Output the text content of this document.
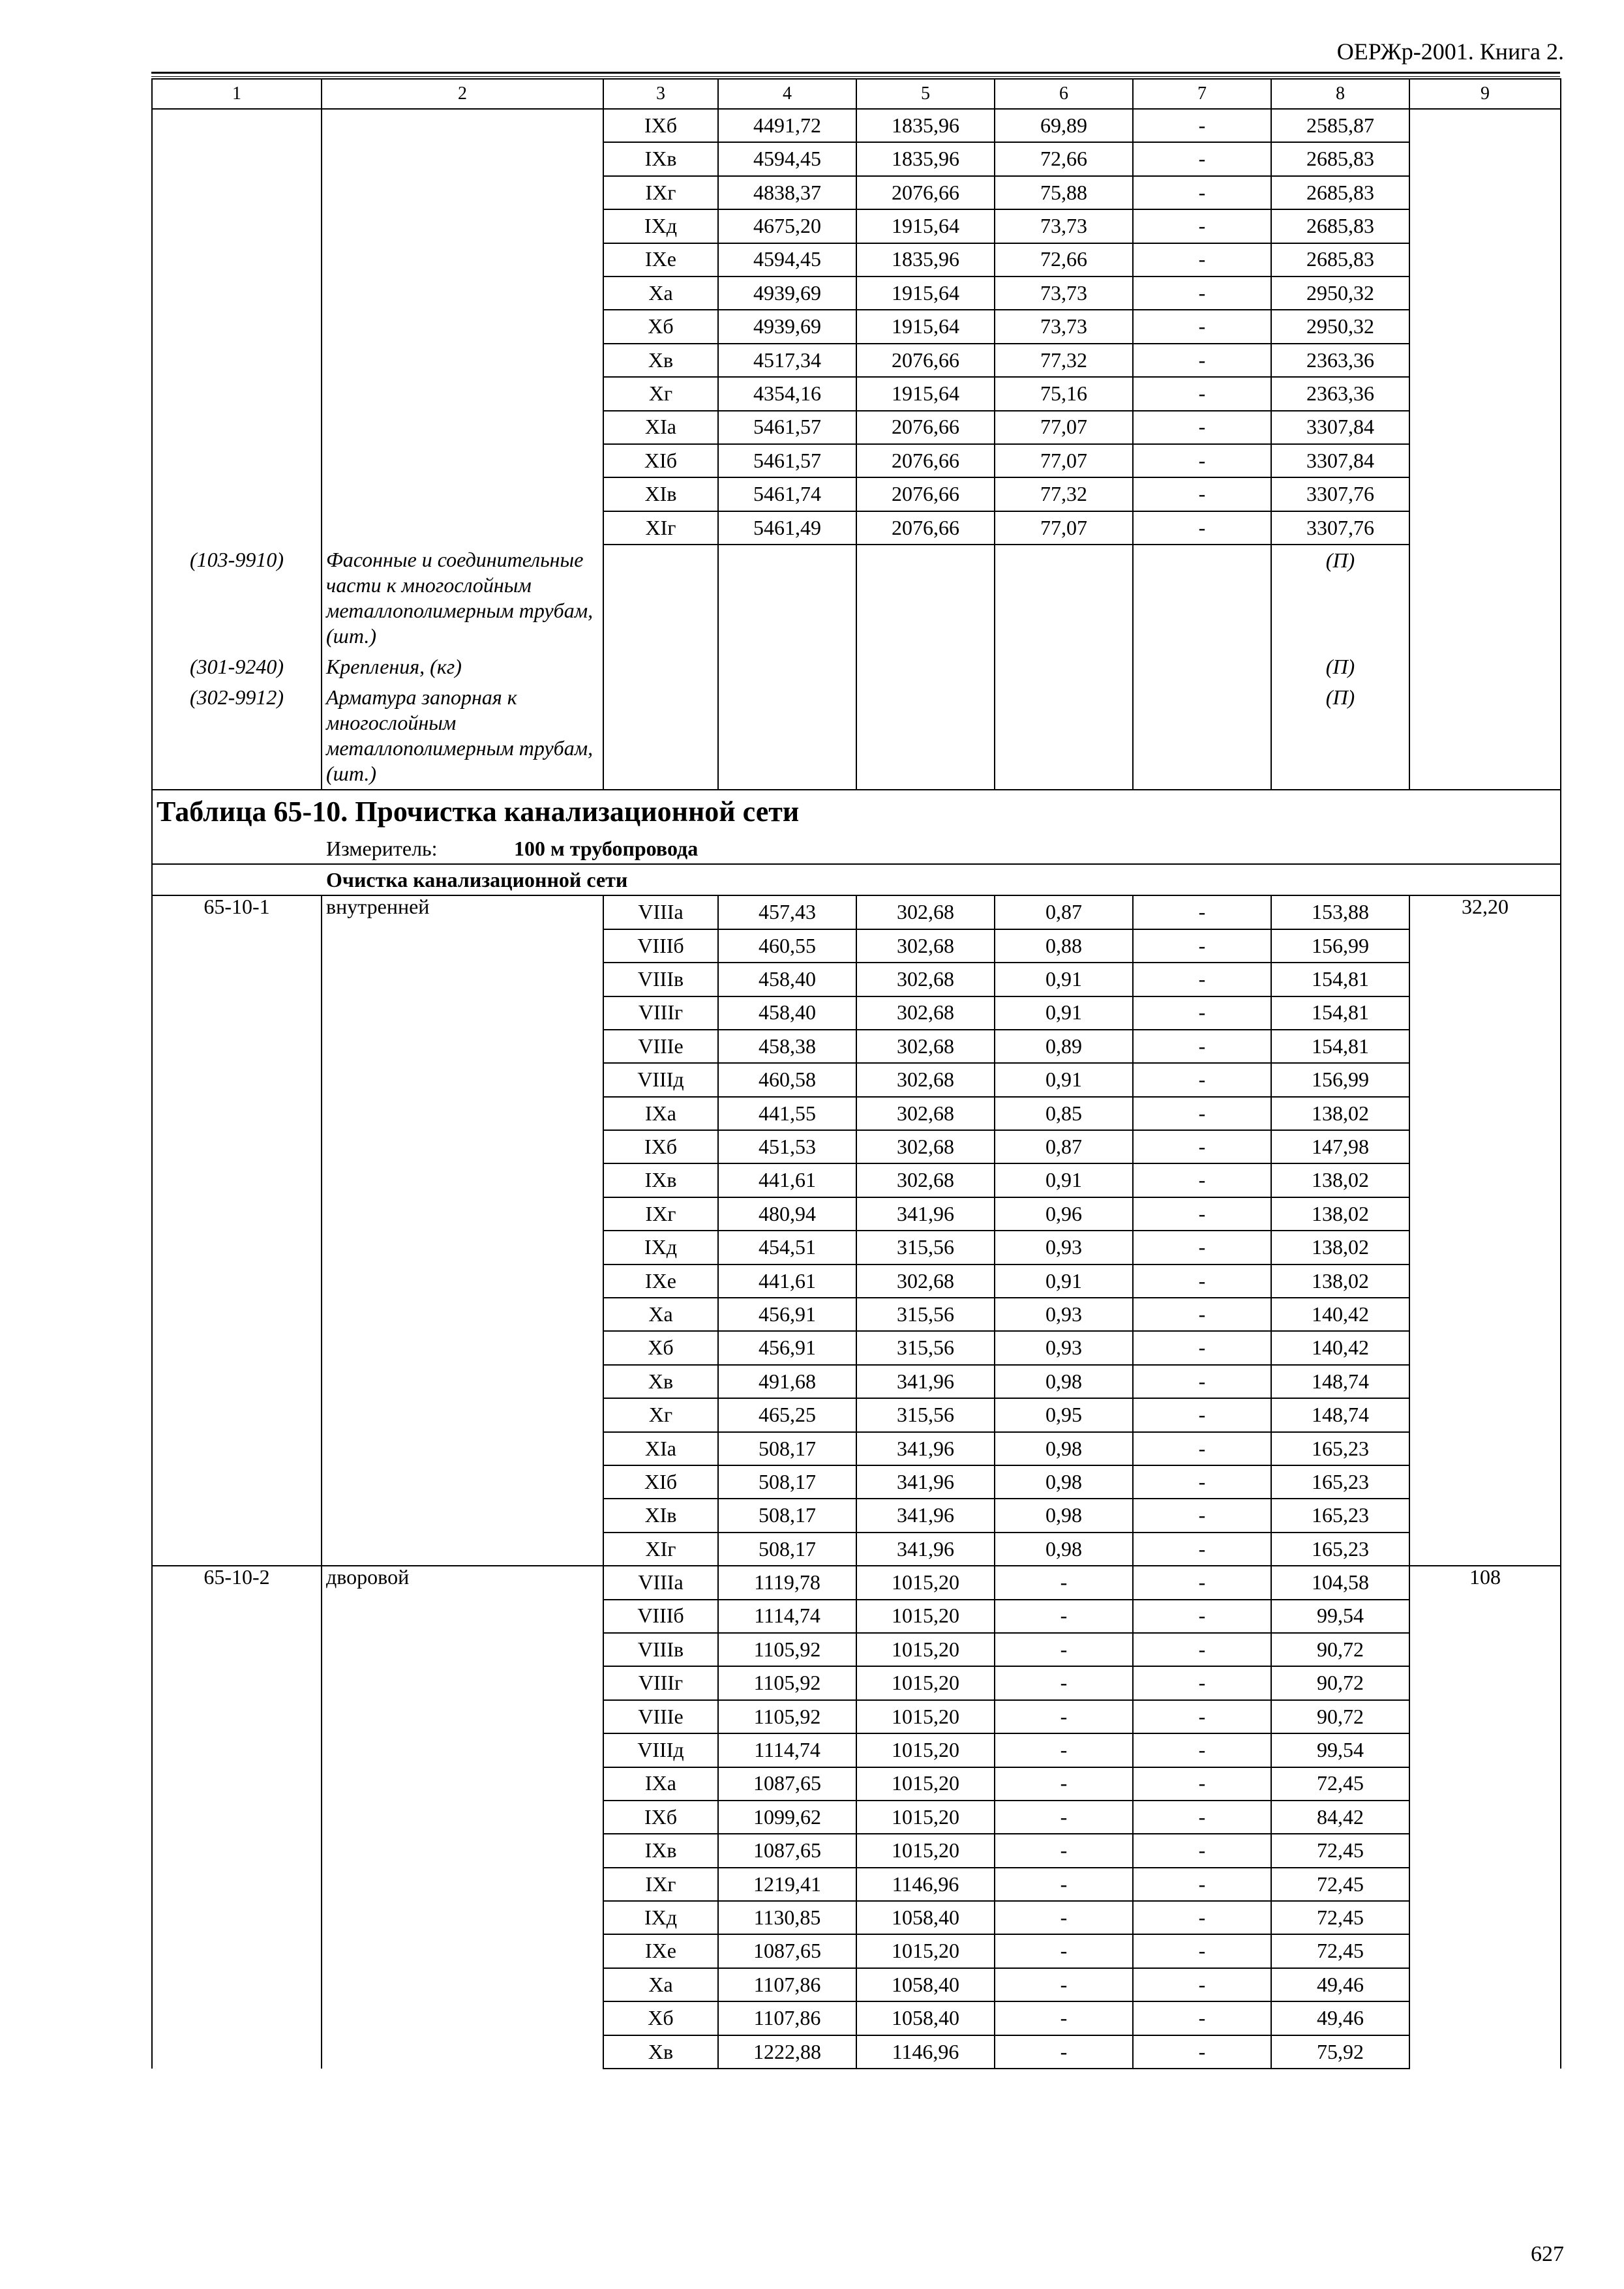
ОЕРЖр-2001. Книга 2.
1	2	3	4	5	6	7	8	9
		IXб	4491,72	1835,96	69,89	-	2585,87	
		IXв	4594,45	1835,96	72,66	-	2685,83	
		IXг	4838,37	2076,66	75,88	-	2685,83	
		IXд	4675,20	1915,64	73,73	-	2685,83	
		IXе	4594,45	1835,96	72,66	-	2685,83	
		Xа	4939,69	1915,64	73,73	-	2950,32	
		Xб	4939,69	1915,64	73,73	-	2950,32	
		Xв	4517,34	2076,66	77,32	-	2363,36	
		Xг	4354,16	1915,64	75,16	-	2363,36	
		XIа	5461,57	2076,66	77,07	-	3307,84	
		XIб	5461,57	2076,66	77,07	-	3307,84	
		XIв	5461,74	2076,66	77,32	-	3307,76	
		XIг	5461,49	2076,66	77,07	-	3307,76	
(103-9910)	Фасонные и соединительные части к многослойным металлополимерным трубам, (шт.)						(П)	
(301-9240)	Крепления, (кг)						(П)	
(302-9912)	Арматура запорная к многослойным металлополимерным трубам, (шт.)						(П)	
Таблица 65-10. Прочистка канализационной сети								
Измеритель: 100 м трубопровода								
Очистка канализационной сети								
65-10-1	внутренней	VIIIа	457,43	302,68	0,87	-	153,88	32,20
		VIIIб	460,55	302,68	0,88	-	156,99	
		VIIIв	458,40	302,68	0,91	-	154,81	
		VIIIг	458,40	302,68	0,91	-	154,81	
		VIIIе	458,38	302,68	0,89	-	154,81	
		VIIIд	460,58	302,68	0,91	-	156,99	
		IXа	441,55	302,68	0,85	-	138,02	
		IXб	451,53	302,68	0,87	-	147,98	
		IXв	441,61	302,68	0,91	-	138,02	
		IXг	480,94	341,96	0,96	-	138,02	
		IXд	454,51	315,56	0,93	-	138,02	
		IXе	441,61	302,68	0,91	-	138,02	
		Xа	456,91	315,56	0,93	-	140,42	
		Xб	456,91	315,56	0,93	-	140,42	
		Xв	491,68	341,96	0,98	-	148,74	
		Xг	465,25	315,56	0,95	-	148,74	
		XIа	508,17	341,96	0,98	-	165,23	
		XIб	508,17	341,96	0,98	-	165,23	
		XIв	508,17	341,96	0,98	-	165,23	
		XIг	508,17	341,96	0,98	-	165,23	
65-10-2	дворовой	VIIIа	1119,78	1015,20	-	-	104,58	108
		VIIIб	1114,74	1015,20	-	-	99,54	
		VIIIв	1105,92	1015,20	-	-	90,72	
		VIIIг	1105,92	1015,20	-	-	90,72	
		VIIIе	1105,92	1015,20	-	-	90,72	
		VIIIд	1114,74	1015,20	-	-	99,54	
		IXа	1087,65	1015,20	-	-	72,45	
		IXб	1099,62	1015,20	-	-	84,42	
		IXв	1087,65	1015,20	-	-	72,45	
		IXг	1219,41	1146,96	-	-	72,45	
		IXд	1130,85	1058,40	-	-	72,45	
		IXе	1087,65	1015,20	-	-	72,45	
		Xа	1107,86	1058,40	-	-	49,46	
		Xб	1107,86	1058,40	-	-	49,46	
		Xв	1222,88	1146,96	-	-	75,92	
627
